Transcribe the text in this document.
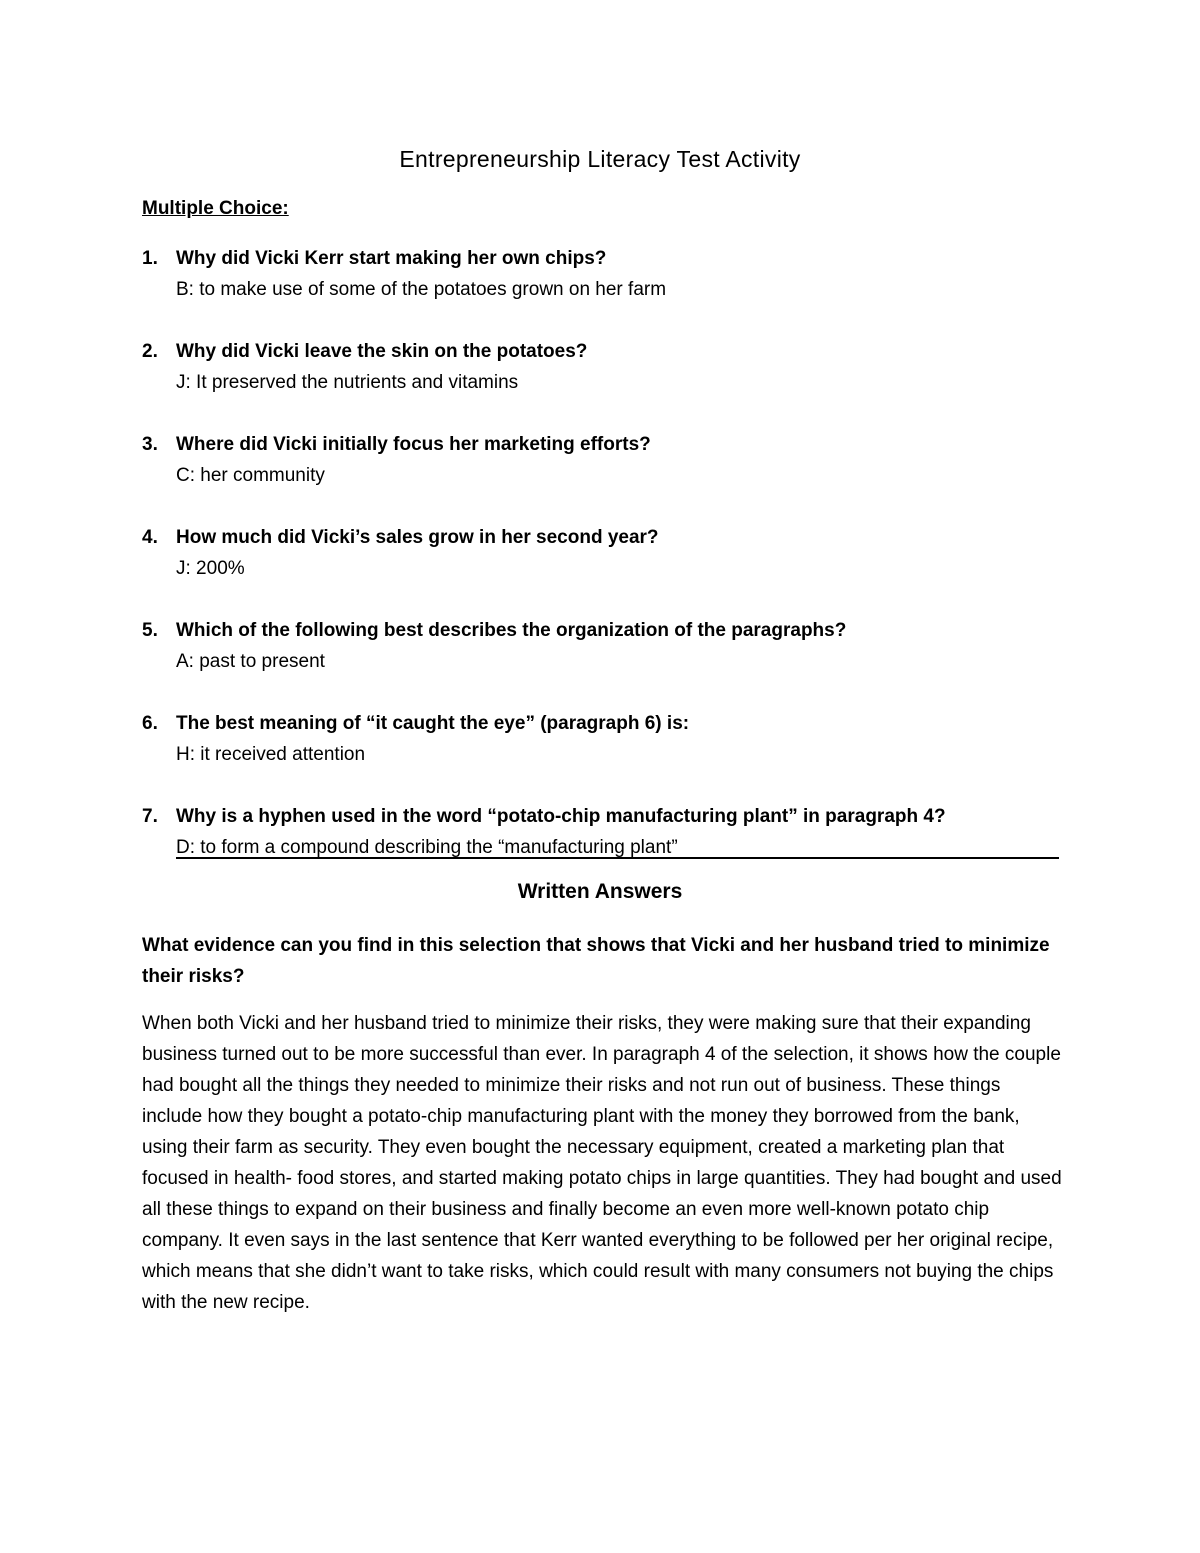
Entrepreneurship Literacy Test Activity
Multiple Choice:
1. Why did Vicki Kerr start making her own chips?
B: to make use of some of the potatoes grown on her farm
2. Why did Vicki leave the skin on the potatoes?
J: It preserved the nutrients and vitamins
3. Where did Vicki initially focus her marketing efforts?
C: her community
4. How much did Vicki’s sales grow in her second year?
J: 200%
5. Which of the following best describes the organization of the paragraphs?
A: past to present
6. The best meaning of “it caught the eye” (paragraph 6) is:
H: it received attention
7. Why is a hyphen used in the word “potato-chip manufacturing plant” in paragraph 4?
D: to form a compound describing the “manufacturing plant”
Written Answers

What evidence can you find in this selection that shows that Vicki and her husband tried to minimize their risks?

When both Vicki and her husband tried to minimize their risks, they were making sure that their expanding business turned out to be more successful than ever. In paragraph 4 of the selection, it shows how the couple had bought all the things they needed to minimize their risks and not run out of business. These things include how they bought a potato-chip manufacturing plant with the money they borrowed from the bank, using their farm as security. They even bought the necessary equipment, created a marketing plan that focused in health- food stores, and started making potato chips in large quantities. They had bought and used all these things to expand on their business and finally become an even more well-known potato chip company. It even says in the last sentence that Kerr wanted everything to be followed per her original recipe, which means that she didn’t want to take risks, which could result with many consumers not buying the chips with the new recipe.
